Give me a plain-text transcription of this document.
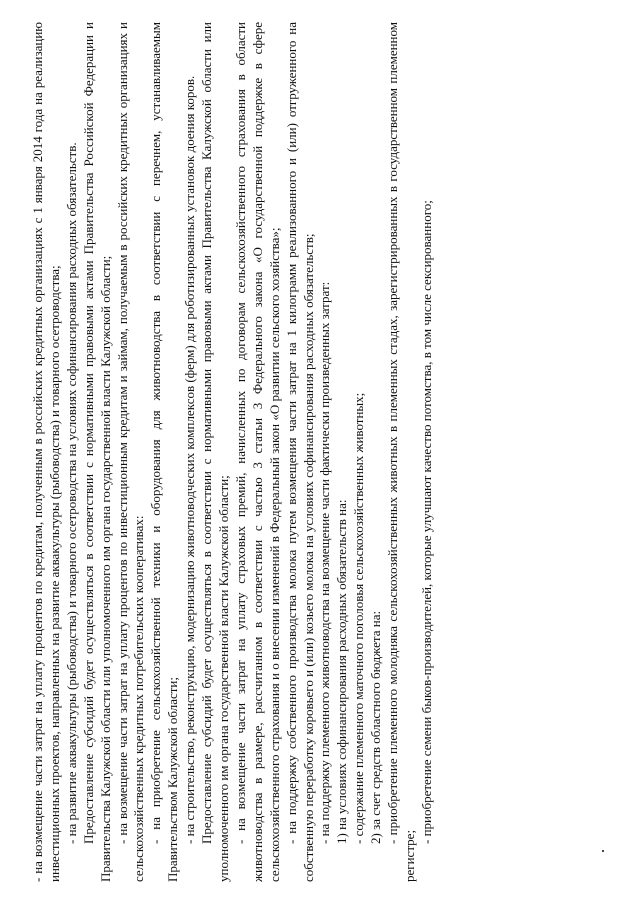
- на возмещение части затрат на уплату процентов по кредитам, полученным в российских кредитных организациях с 1 января 2014 года на реализацию инвестиционных проектов, направленных на развитие аквакультуры (рыбоводства) и товарного осетроводства; - на развитие аквакультуры (рыбоводства) и товарного осетроводства на условиях софинансирования расходных обязательств. Предоставление субсидий будет осуществляться в соответствии с нормативными правовыми актами Правительства Российской Федерации и Правительства Калужской области или уполномоченного им органа государственной власти Калужской области; - на возмещение части затрат на уплату процентов по инвестиционным кредитам и займам, получаемым в российских кредитных организациях и сельскохозяйственных кредитных потребительских кооперативах: - на приобретение сельскохозяйственной техники и оборудования для животноводства в соответствии с перечнем, устанавливаемым Правительством Калужской области; - на строительство, реконструкцию, модернизацию животноводческих комплексов (ферм) для роботизированных установок доения коров. Предоставление субсидий будет осуществляться в соответствии с нормативными правовыми актами Правительства Калужской области или уполномоченного им органа государственной власти Калужской области; - на возмещение части затрат на уплату страховых премий, начисленных по договорам сельскохозяйственного страхования в области животноводства в размере, рассчитанном в соответствии с частью 3 статьи 3 Федерального закона «О государственной поддержке в сфере сельскохозяйственного страхования и о внесении изменений в Федеральный закон «О развитии сельского хозяйства»; - на поддержку собственного производства молока путем возмещения части затрат на 1 килограмм реализованного и (или) отгруженного на собственную переработку коровьего и (или) козьего молока на условиях софинансирования расходных обязательств; - на поддержку племенного животноводства на возмещение части фактически произведенных затрат: 1) на условиях софинансирования расходных обязательств на: - содержание племенного маточного поголовья сельскохозяйственных животных; 2) за счет средств областного бюджета на: - приобретение племенного молодняка сельскохозяйственных животных в племенных стадах, зарегистрированных в государственном племенном регистре;

- приобретение семени быков-производителей, которые улучшают качество потомства, в том числе сексированного;
